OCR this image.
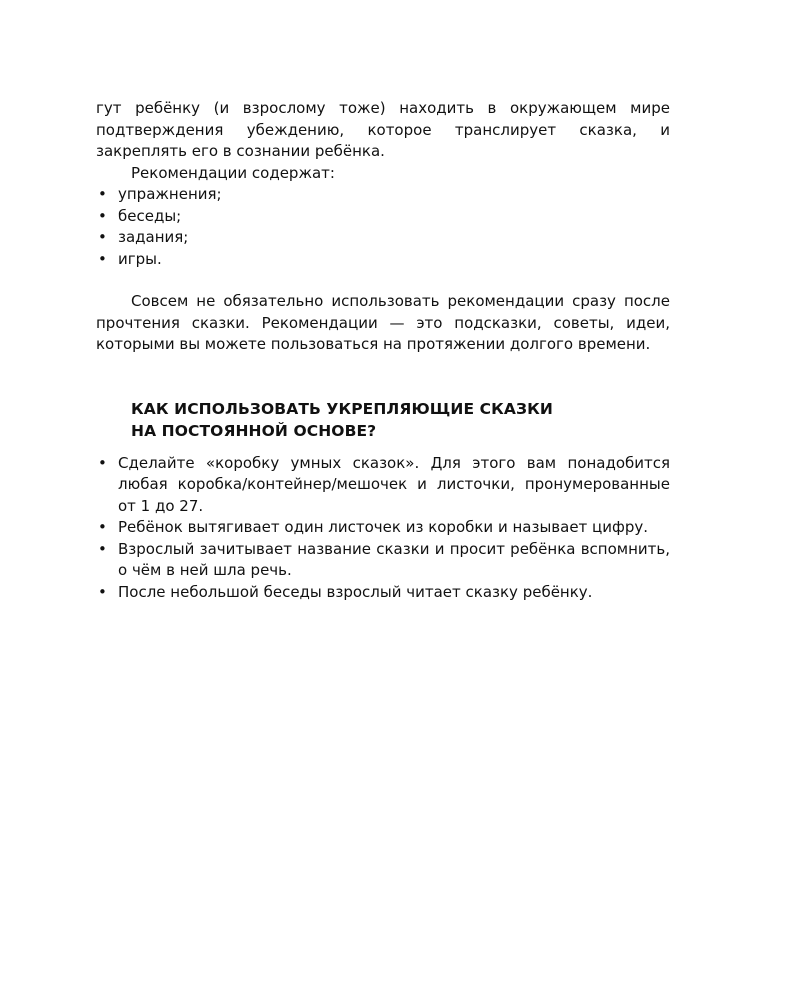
гут ребёнку (и взрослому тоже) находить в окружающем мире подтверждения убеждению, которое транслирует сказка, и закреплять его в сознании ребёнка.

Рекомендации содержат:

• упражнения;
• беседы;
• задания;
• игры.

Совсем не обязательно использовать рекомендации сразу после прочтения сказки. Рекомендации — это подсказки, советы, идеи, которыми вы можете пользоваться на протяжении долгого времени.

КАК ИСПОЛЬЗОВАТЬ УКРЕПЛЯЮЩИЕ СКАЗКИ
НА ПОСТОЯННОЙ ОСНОВЕ?
• Сделайте «коробку умных сказок». Для этого вам понадобится любая коробка/контейнер/мешочек и листочки, пронумерованные от 1 до 27.
• Ребёнок вытягивает один листочек из коробки и называет цифру.
• Взрослый зачитывает название сказки и просит ребёнка вспомнить, о чём в ней шла речь.
• После небольшой беседы взрослый читает сказку ребёнку.
